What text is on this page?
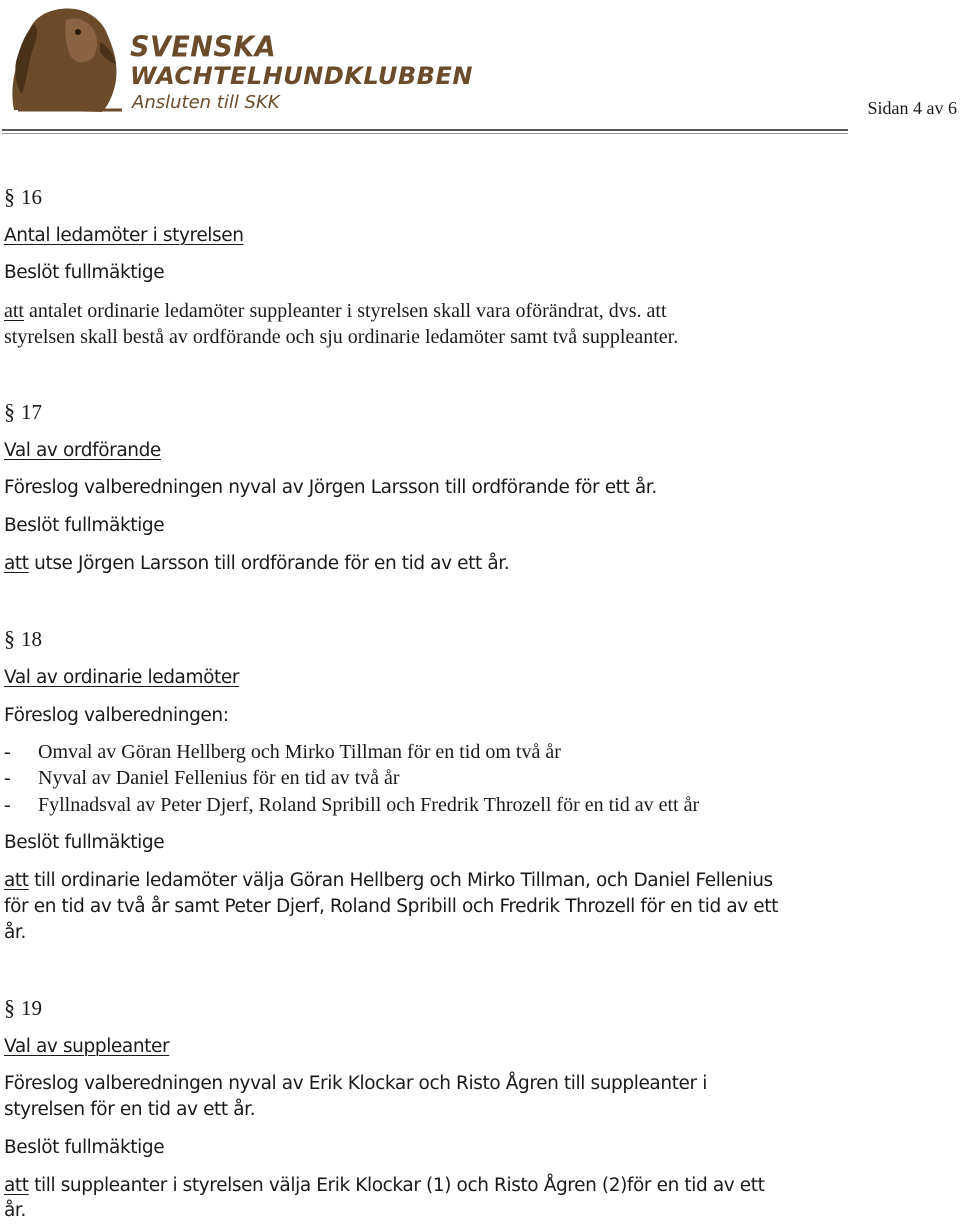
SVENSKA
WACHTELHUNDKLUBBEN
Ansluten till SKK	Sidan 4 av 6
§ 16
Antal ledamöter i styrelsen
Beslöt fullmäktige
att antalet ordinarie ledamöter suppleanter i styrelsen skall vara oförändrat, dvs. att
styrelsen skall bestå av ordförande och sju ordinarie ledamöter samt två suppleanter.
§ 17
Val av ordförande
Föreslog valberedningen nyval av Jörgen Larsson till ordförande för ett år.
Beslöt fullmäktige
att utse Jörgen Larsson till ordförande för en tid av ett år.
§ 18
Val av ordinarie ledamöter
Föreslog valberedningen:
- Omval av Göran Hellberg och Mirko Tillman för en tid om två år
- Nyval av Daniel Fellenius för en tid av två år
- Fyllnadsval av Peter Djerf, Roland Spribill och Fredrik Throzell för en tid av ett år
Beslöt fullmäktige
att till ordinarie ledamöter välja Göran Hellberg och Mirko Tillman, och Daniel Fellenius
för en tid av två år samt Peter Djerf, Roland Spribill och Fredrik Throzell för en tid av ett
år.
§ 19
Val av suppleanter
Föreslog valberedningen nyval av Erik Klockar och Risto Ågren till suppleanter i
styrelsen för en tid av ett år.
Beslöt fullmäktige
att till suppleanter i styrelsen välja Erik Klockar (1) och Risto Ågren (2)för en tid av ett
år.
